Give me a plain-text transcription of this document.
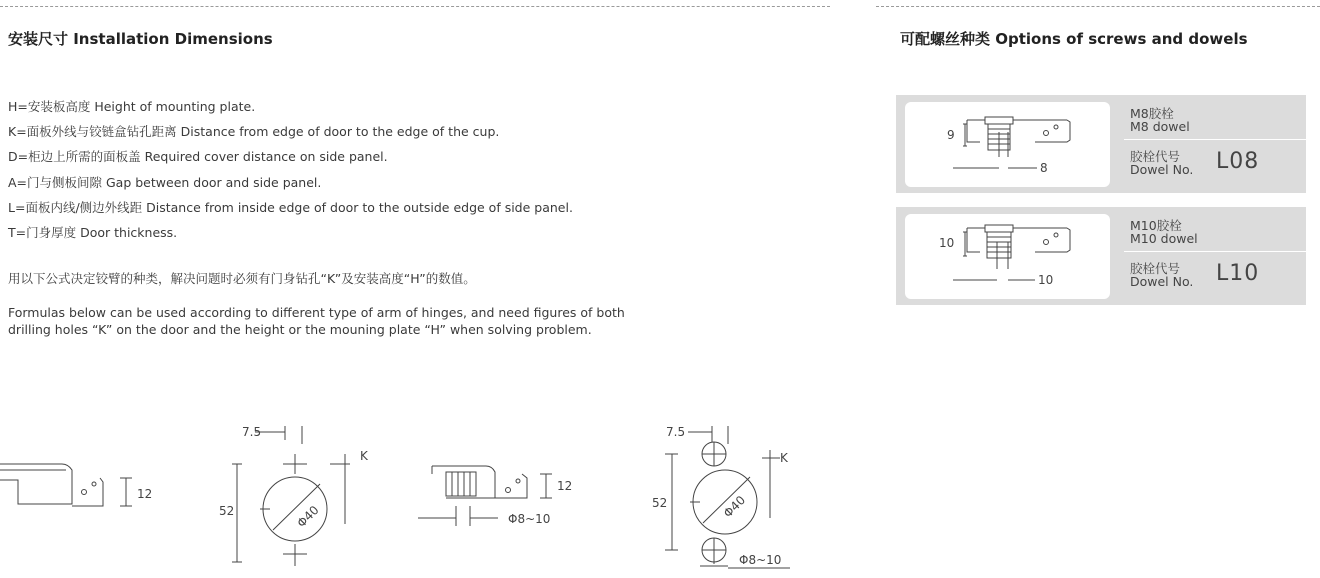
安装尺寸 Installation Dimensions	可配螺丝种类 Options of screws and dowels
H=安装板高度 Height of mounting plate.
K=面板外线与铰链盒钻孔距离 Distance from edge of door to the edge of the cup.
D=柜边上所需的面板盖 Required cover distance on side panel.
A=门与侧板间隙 Gap between door and side panel.
L=面板内线/侧边外线距 Distance from inside edge of door to the outside edge of side panel.
T=门身厚度 Door thickness.
用以下公式决定铰臂的种类，解决问题时必须有门身钻孔“K”及安装高度“H”的数值。
Formulas below can be used according to different type of arm of hinges, and need figures of both
drilling holes “K” on the door and the height or the mouning plate “H” when solving problem.
9
8
M8胶栓
M8 dowel
胶栓代号
Dowel No. L08
10
10
M10胶栓
M10 dowel
胶栓代号
Dowel No. L10
12
7.5
52	Φ40
K
12
Φ8~10
7.5
52	Φ40
K
Φ8~10
